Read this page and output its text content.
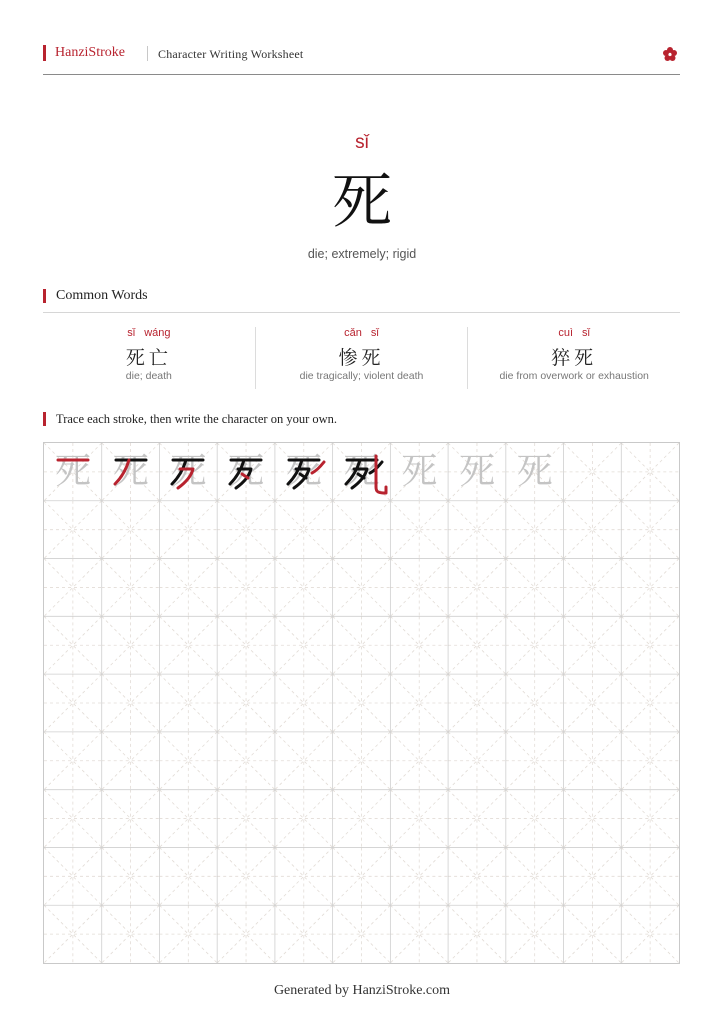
HanziStroke	Character Writing Worksheet
sǐ
死
die; extremely; rigid
Common Words
sǐ wáng
死亡
die; death
cǎn sǐ
惨死
die tragically; violent death
cuì sǐ
猝死
die from overwork or exhaustion
Trace each stroke, then write the character on your own.
死 死 死 死 死 死 死 死 死
Generated by HanziStroke.com
